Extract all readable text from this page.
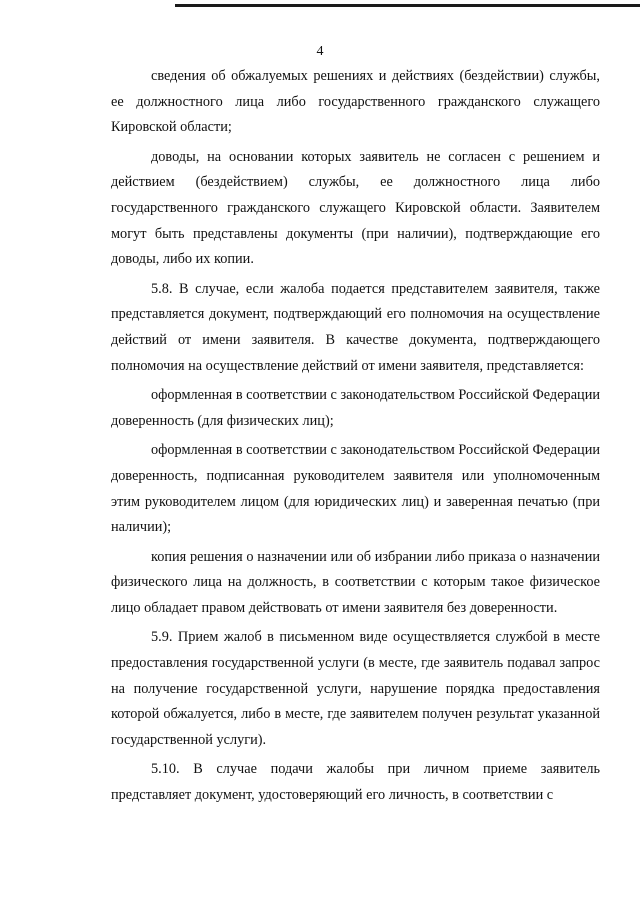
4

сведения об обжалуемых решениях и действиях (бездействии) службы, ее должностного лица либо государственного гражданского служащего Кировской области;

доводы, на основании которых заявитель не согласен с решением и действием (бездействием) службы, ее должностного лица либо государственного гражданского служащего Кировской области. Заявителем могут быть представлены документы (при наличии), подтверждающие его доводы, либо их копии.

5.8. В случае, если жалоба подается представителем заявителя, также представляется документ, подтверждающий его полномочия на осуществление действий от имени заявителя. В качестве документа, подтверждающего полномочия на осуществление действий от имени заявителя, представляется:

оформленная в соответствии с законодательством Российской Федерации доверенность (для физических лиц);

оформленная в соответствии с законодательством Российской Федерации доверенность, подписанная руководителем заявителя или уполномоченным этим руководителем лицом (для юридических лиц) и заверенная печатью (при наличии);

копия решения о назначении или об избрании либо приказа о назначении физического лица на должность, в соответствии с которым такое физическое лицо обладает правом действовать от имени заявителя без доверенности.

5.9. Прием жалоб в письменном виде осуществляется службой в месте предоставления государственной услуги (в месте, где заявитель подавал запрос на получение государственной услуги, нарушение порядка предоставления которой обжалуется, либо в месте, где заявителем получен результат указанной государственной услуги).

5.10. В случае подачи жалобы при личном приеме заявитель представляет документ, удостоверяющий его личность, в соответствии с
